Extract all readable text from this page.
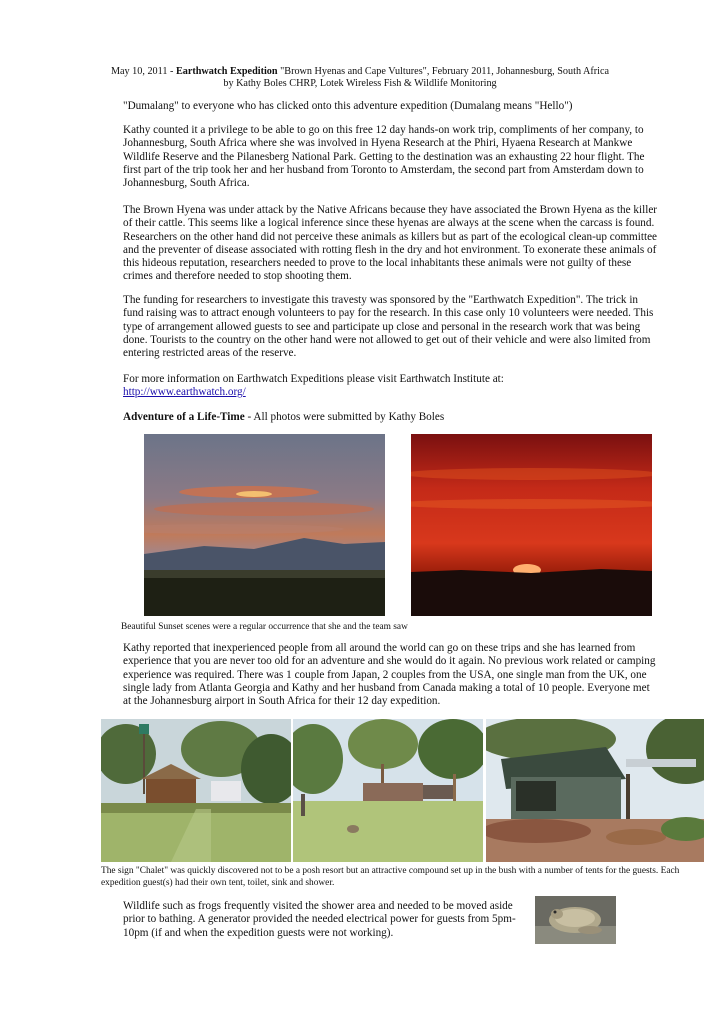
May 10, 2011 - Earthwatch Expedition "Brown Hyenas and Cape Vultures", February 2011, Johannesburg, South Africa
by Kathy Boles CHRP, Lotek Wireless Fish & Wildlife Monitoring
"Dumalang" to everyone who has clicked onto this adventure expedition (Dumalang means "Hello")
Kathy counted it a privilege to be able to go on this free 12 day hands-on work trip, compliments of her company, to Johannesburg, South Africa where she was involved in Hyena Research at the Phiri, Hyaena Research at Mankwe Wildlife Reserve and the Pilanesberg National Park. Getting to the destination was an exhausting 22 hour flight. The first part of the trip took her and her husband from Toronto to Amsterdam, the second part from Amsterdam down to Johannesburg, South Africa.
The Brown Hyena was under attack by the Native Africans because they have associated the Brown Hyena as the killer of their cattle. This seems like a logical inference since these hyenas are always at the scene when the carcass is found. Researchers on the other hand did not perceive these animals as killers but as part of the ecological clean-up committee and the preventer of disease associated with rotting flesh in the dry and hot environment. To exonerate these animals of this hideous reputation, researchers needed to prove to the local inhabitants these animals were not guilty of these crimes and therefore needed to stop shooting them.
The funding for researchers to investigate this travesty was sponsored by the "Earthwatch Expedition". The trick in fund raising was to attract enough volunteers to pay for the research. In this case only 10 volunteers were needed. This type of arrangement allowed guests to see and participate up close and personal in the research work that was being done. Tourists to the country on the other hand were not allowed to get out of their vehicle and were also limited from entering restricted areas of the reserve.
For more information on Earthwatch Expeditions please visit Earthwatch Institute at:
http://www.earthwatch.org/
Adventure of a Life-Time - All photos were submitted by Kathy Boles
Beautiful Sunset scenes were a regular occurrence that she and the team saw
Kathy reported that inexperienced people from all around the world can go on these trips and she has learned from experience that you are never too old for an adventure and she would do it again. No previous work related or camping experience was required. There was 1 couple from Japan, 2 couples from the USA, one single man from the UK, one single lady from Atlanta Georgia and Kathy and her husband from Canada making a total of 10 people. Everyone met at the Johannesburg airport in South Africa for their 12 day expedition.
The sign "Chalet" was quickly discovered not to be a posh resort but an attractive compound set up in the bush with a number of tents for the guests. Each expedition guest(s) had their own tent, toilet, sink and shower.
Wildlife such as frogs frequently visited the shower area and needed to be moved aside prior to bathing. A generator provided the needed electrical power for guests from 5pm-10pm (if and when the expedition guests were not working).
